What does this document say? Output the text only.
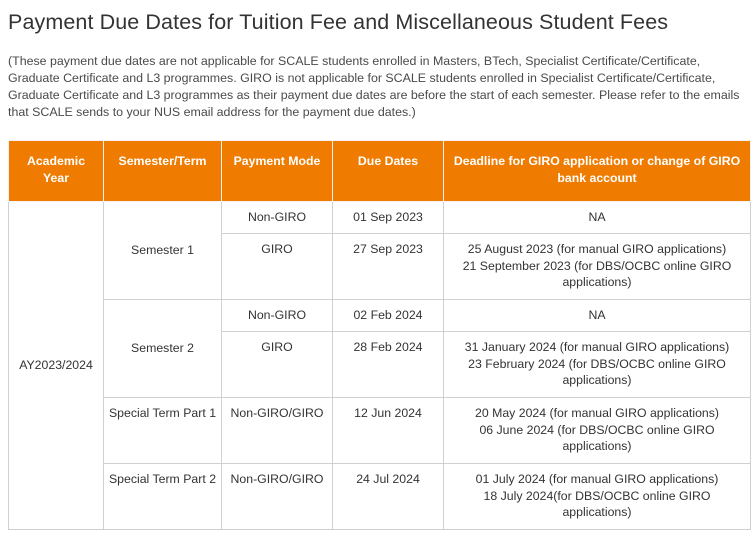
Payment Due Dates for Tuition Fee and Miscellaneous Student Fees

(These payment due dates are not applicable for SCALE students enrolled in Masters, BTech, Specialist Certificate/Certificate, Graduate Certificate and L3 programmes. GIRO is not applicable for SCALE students enrolled in Specialist Certificate/Certificate, Graduate Certificate and L3 programmes as their payment due dates are before the start of each semester. Please refer to the emails that SCALE sends to your NUS email address for the payment due dates.)

Academic Year	Semester/Term	Payment Mode	Due Dates	Deadline for GIRO application or change of GIRO bank account
AY2023/2024	Semester 1	Non-GIRO	01 Sep 2023	NA
		GIRO	27 Sep 2023	25 August 2023 (for manual GIRO applications)
21 September 2023 (for DBS/OCBC online GIRO applications)

	Semester 2	Non-GIRO	02 Feb 2024	NA
		GIRO	28 Feb 2024	31 January 2024 (for manual GIRO applications)
23 February 2024 (for DBS/OCBC online GIRO applications)

	Special Term Part 1	Non-GIRO/GIRO	12 Jun 2024	20 May 2024 (for manual GIRO applications)
06 June 2024 (for DBS/OCBC online GIRO applications)

	Special Term Part 2	Non-GIRO/GIRO	24 Jul 2024	01 July 2024 (for manual GIRO applications)
18 July 2024(for DBS/OCBC online GIRO applications)
